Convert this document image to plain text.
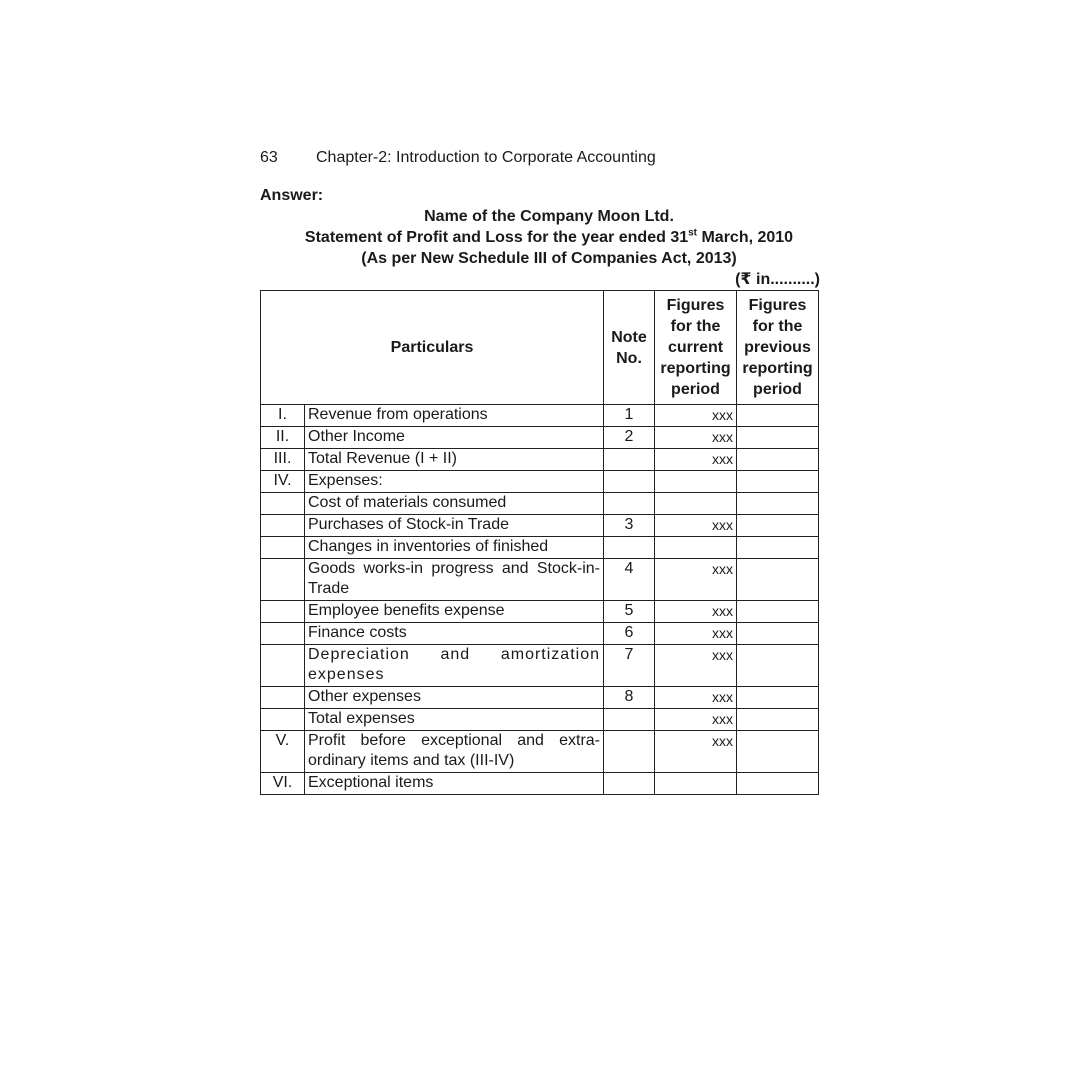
63 Chapter-2: Introduction to Corporate Accounting
Answer:
Name of the Company Moon Ltd.
Statement of Profit and Loss for the year ended 31st March, 2010
(As per New Schedule III of Companies Act, 2013)
(₹ in..........)
Particulars		Note No.	Figures for the current reporting period	Figures for the previous reporting period
I.	Revenue from operations	1	xxx	
II.	Other Income	2	xxx	
III.	Total Revenue (I + II)		xxx	
IV.	Expenses:			
	Cost of materials consumed			
	Purchases of Stock-in Trade	3	xxx	
	Changes in inventories of finished			
	Goods works-in progress and Stock-in-Trade	4	xxx	
	Employee benefits expense	5	xxx	
	Finance costs	6	xxx	
	Depreciation and amortization expenses	7	xxx	
	Other expenses	8	xxx	
	Total expenses		xxx	
V.	Profit before exceptional and extra-ordinary items and tax (III-IV)		xxx	
VI.	Exceptional items			
